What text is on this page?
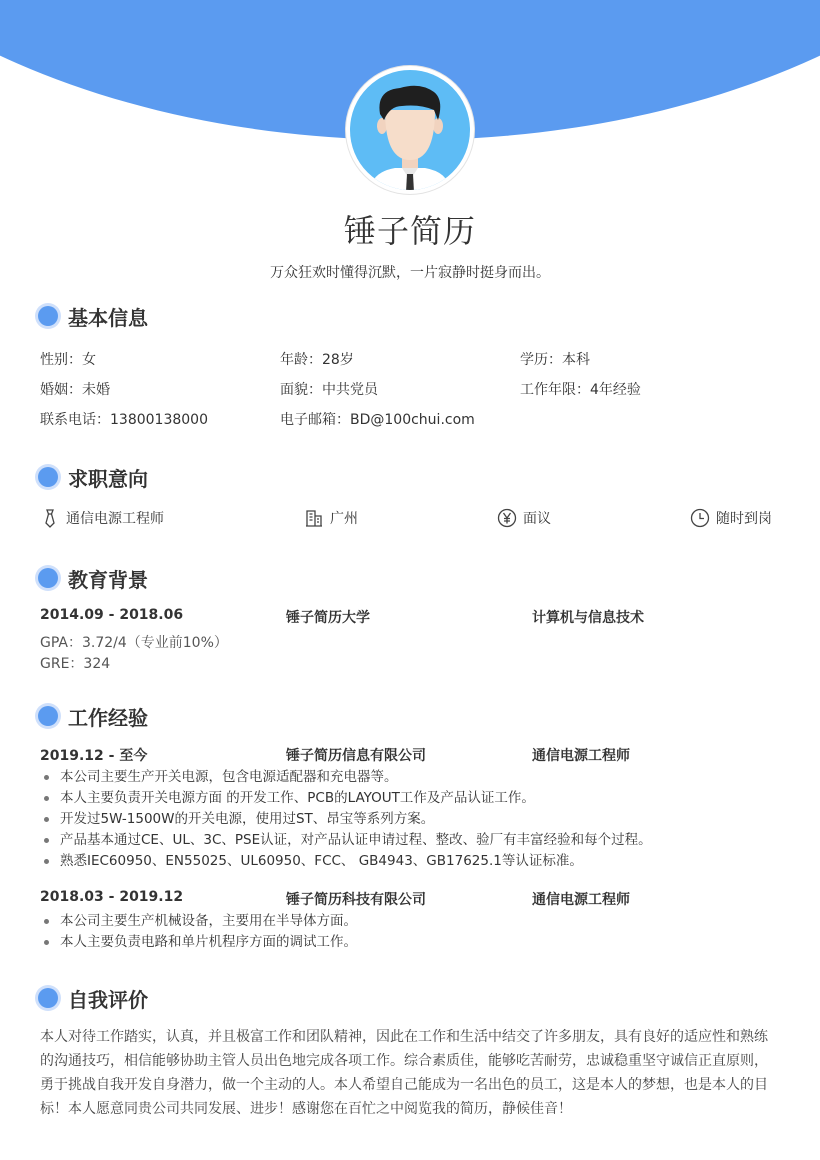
锤子简历
万众狂欢时懂得沉默，一片寂静时挺身而出。
基本信息
性别：女	年龄：28岁	学历：本科
婚姻：未婚	面貌：中共党员	工作年限：4年经验
联系电话：13800138000	电子邮箱：BD@100chui.com
求职意向
通信电源工程师	广州	面议	随时到岗
教育背景
2014.09 - 2018.06	锤子简历大学	计算机与信息技术
GPA：3.72/4（专业前10%）
GRE：324
工作经验
2019.12 - 至今	锤子简历信息有限公司	通信电源工程师
本公司主要生产开关电源，包含电源适配器和充电器等。
本人主要负责开关电源方面 的开发工作、PCB的LAYOUT工作及产品认证工作。
开发过5W-1500W的开关电源，使用过ST、昂宝等系列方案。
产品基本通过CE、UL、3C、PSE认证，对产品认证申请过程、整改、验厂有丰富经验和每个过程。
熟悉IEC60950、EN55025、UL60950、FCC、 GB4943、GB17625.1等认证标准。
2018.03 - 2019.12	锤子简历科技有限公司	通信电源工程师
本公司主要生产机械设备，主要用在半导体方面。
本人主要负责电路和单片机程序方面的调试工作。
自我评价
本人对待工作踏实，认真，并且极富工作和团队精神，因此在工作和生活中结交了许多朋友，具有良好的适应性和熟练的沟通技巧，相信能够协助主管人员出色地完成各项工作。综合素质佳，能够吃苦耐劳，忠诚稳重坚守诚信正直原则，勇于挑战自我开发自身潜力，做一个主动的人。本人希望自己能成为一名出色的员工，这是本人的梦想，也是本人的目标！本人愿意同贵公司共同发展、进步！感谢您在百忙之中阅览我的简历，静候佳音！
